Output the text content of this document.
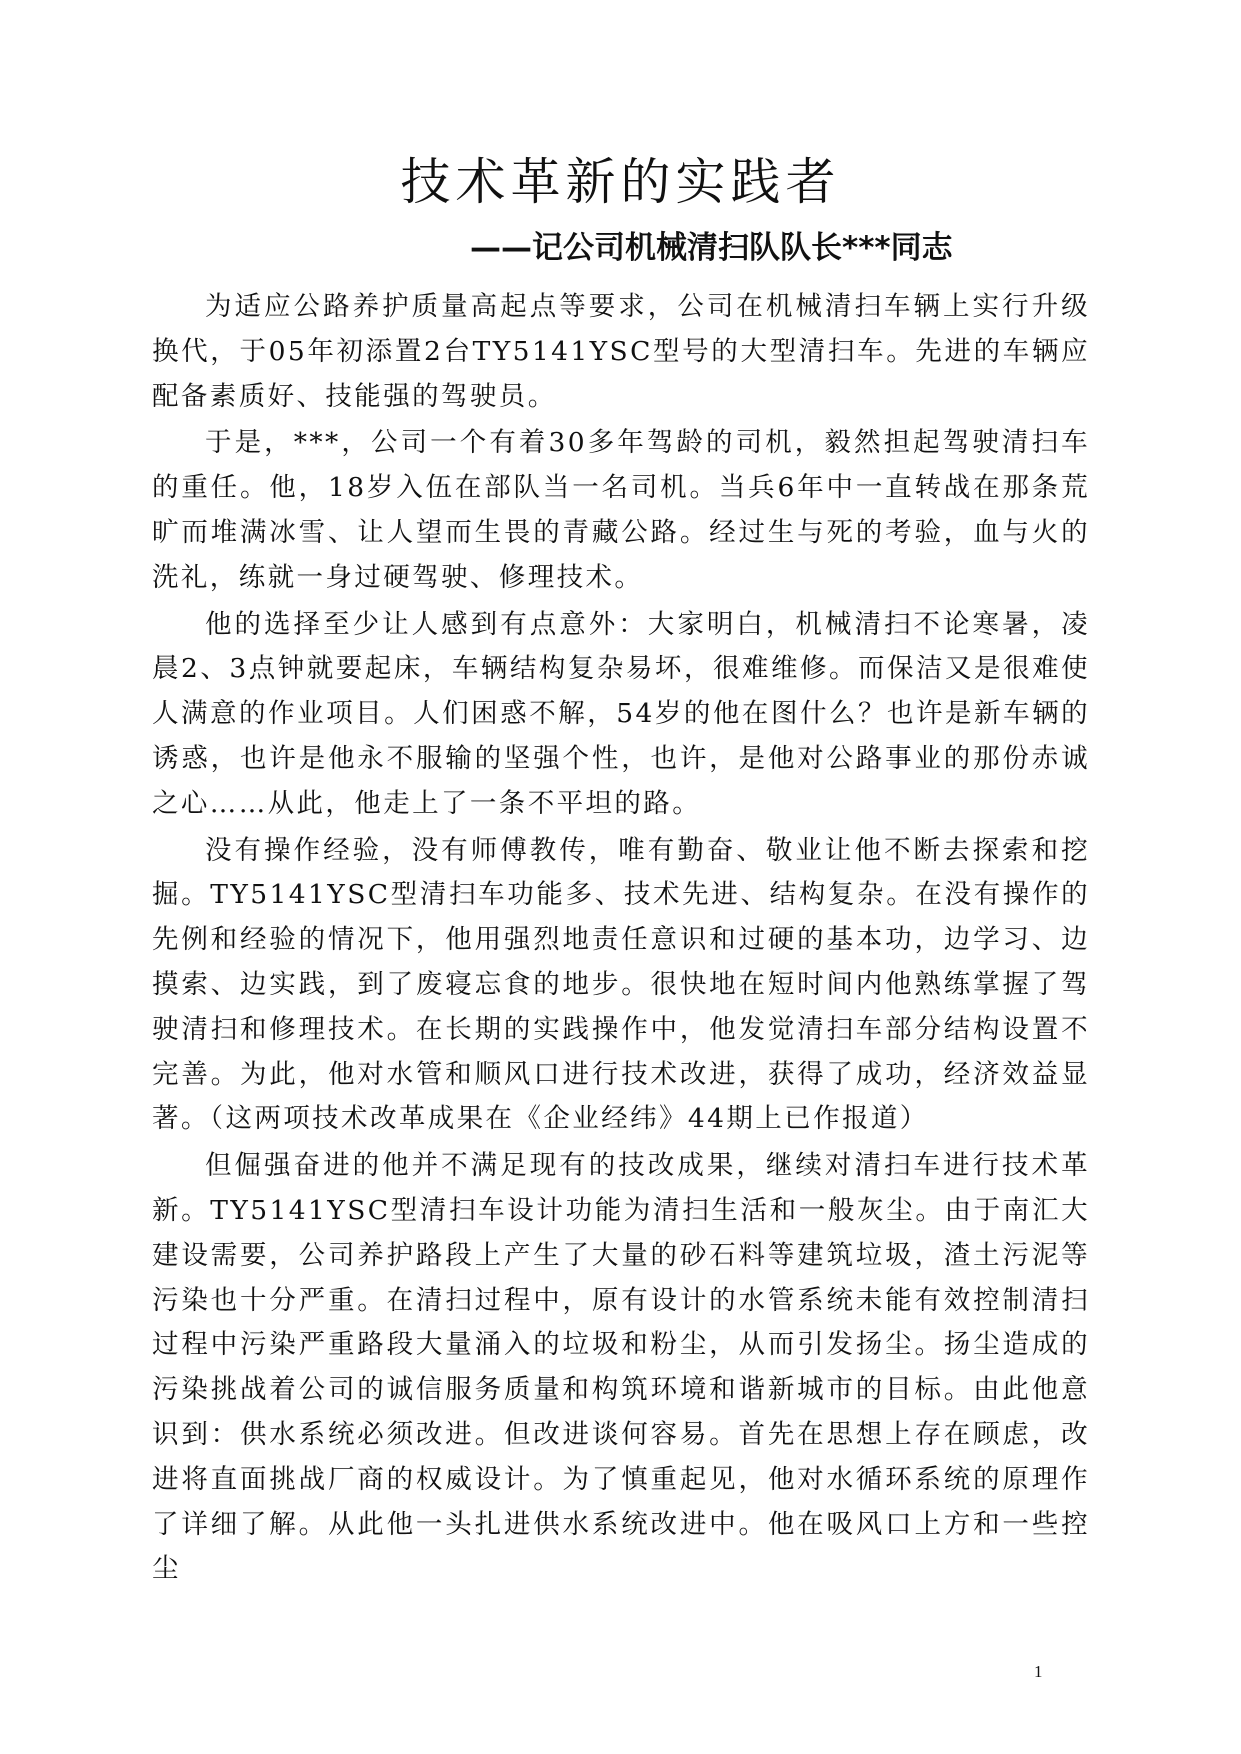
技术革新的实践者
——记公司机械清扫队队长***同志

为适应公路养护质量高起点等要求，公司在机械清扫车辆上实行升级换代，于05年初添置2台TY5141YSC型号的大型清扫车。先进的车辆应配备素质好、技能强的驾驶员。

于是，***，公司一个有着30多年驾龄的司机，毅然担起驾驶清扫车的重任。他，18岁入伍在部队当一名司机。当兵6年中一直转战在那条荒旷而堆满冰雪、让人望而生畏的青藏公路。经过生与死的考验，血与火的洗礼，练就一身过硬驾驶、修理技术。

他的选择至少让人感到有点意外：大家明白，机械清扫不论寒暑，凌晨2、3点钟就要起床，车辆结构复杂易坏，很难维修。而保洁又是很难使人满意的作业项目。人们困惑不解，54岁的他在图什么？也许是新车辆的诱惑，也许是他永不服输的坚强个性，也许，是他对公路事业的那份赤诚之心……从此，他走上了一条不平坦的路。

没有操作经验，没有师傅教传，唯有勤奋、敬业让他不断去探索和挖掘。TY5141YSC型清扫车功能多、技术先进、结构复杂。在没有操作的先例和经验的情况下，他用强烈地责任意识和过硬的基本功，边学习、边摸索、边实践，到了废寝忘食的地步。很快地在短时间内他熟练掌握了驾驶清扫和修理技术。在长期的实践操作中，他发觉清扫车部分结构设置不完善。为此，他对水管和顺风口进行技术改进，获得了成功，经济效益显著。（这两项技术改革成果在《企业经纬》44期上已作报道）

但倔强奋进的他并不满足现有的技改成果，继续对清扫车进行技术革新。TY5141YSC型清扫车设计功能为清扫生活和一般灰尘。由于南汇大建设需要，公司养护路段上产生了大量的砂石料等建筑垃圾，渣土污泥等污染也十分严重。在清扫过程中，原有设计的水管系统未能有效控制清扫过程中污染严重路段大量涌入的垃圾和粉尘，从而引发扬尘。扬尘造成的污染挑战着公司的诚信服务质量和构筑环境和谐新城市的目标。由此他意识到：供水系统必须改进。但改进谈何容易。首先在思想上存在顾虑，改进将直面挑战厂商的权威设计。为了慎重起见，他对水循环系统的原理作了详细了解。从此他一头扎进供水系统改进中。他在吸风口上方和一些控尘

1
